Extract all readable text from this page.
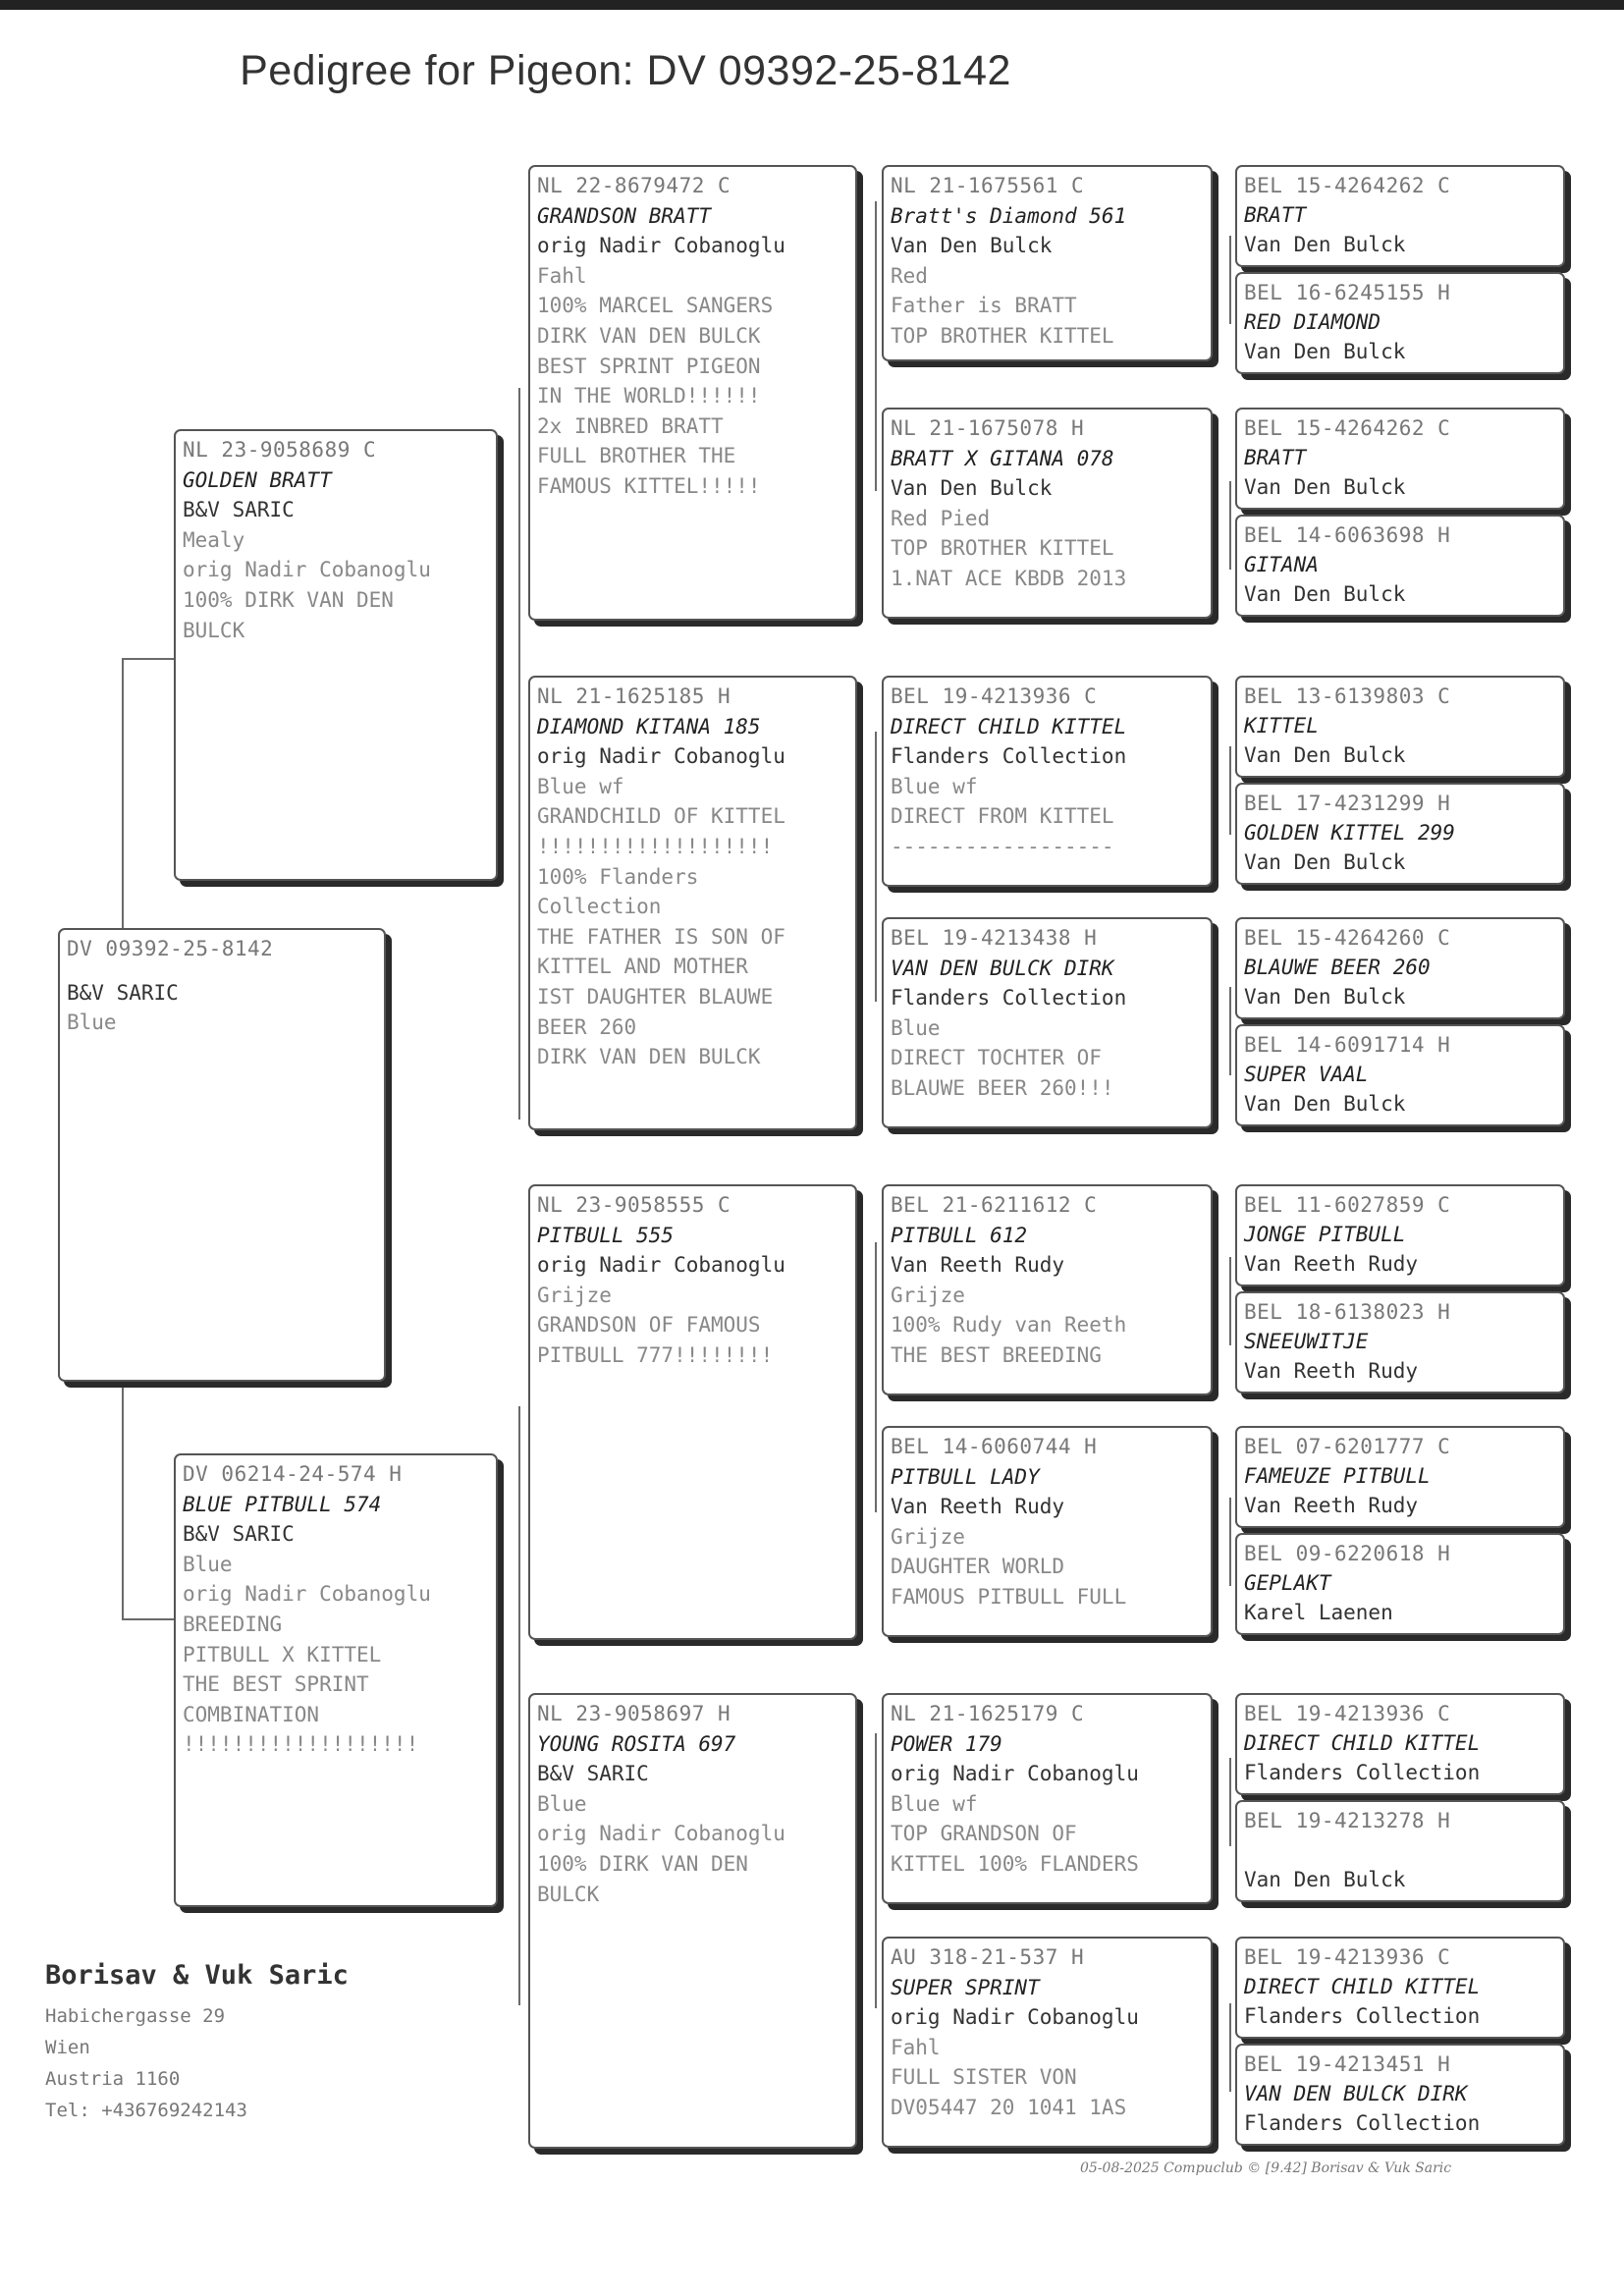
Pedigree for Pigeon: DV 09392-25-8142
DV 09392-25-8142
B&V SARIC
Blue
NL 23-9058689 C
GOLDEN BRATT
B&V SARIC
Mealy
orig Nadir Cobanoglu
100% DIRK VAN DEN
BULCK
DV 06214-24-574 H
BLUE PITBULL 574
B&V SARIC
Blue
orig Nadir Cobanoglu
BREEDING
PITBULL X KITTEL
THE BEST SPRINT
COMBINATION
!!!!!!!!!!!!!!!!!!!
NL 22-8679472 C
GRANDSON BRATT
orig Nadir Cobanoglu
Fahl
100% MARCEL SANGERS
DIRK VAN DEN BULCK
BEST SPRINT PIGEON
IN THE WORLD!!!!!!
2x INBRED BRATT
FULL BROTHER THE
FAMOUS KITTEL!!!!!
NL 21-1625185 H
DIAMOND KITANA 185
orig Nadir Cobanoglu
Blue wf
GRANDCHILD OF KITTEL
!!!!!!!!!!!!!!!!!!!
100% Flanders
Collection
THE FATHER IS SON OF
KITTEL AND MOTHER
IST DAUGHTER BLAUWE
BEER 260
DIRK VAN DEN BULCK
NL 23-9058555 C
PITBULL 555
orig Nadir Cobanoglu
Grijze
GRANDSON OF FAMOUS
PITBULL 777!!!!!!!!
NL 23-9058697 H
YOUNG ROSITA 697
B&V SARIC
Blue
orig Nadir Cobanoglu
100% DIRK VAN DEN
BULCK
NL 21-1675561 C
Bratt's Diamond 561
Van Den Bulck
Red
Father is BRATT
TOP BROTHER KITTEL
NL 21-1675078 H
BRATT X GITANA 078
Van Den Bulck
Red Pied
TOP BROTHER KITTEL
1.NAT ACE KBDB 2013
BEL 19-4213936 C
DIRECT CHILD KITTEL
Flanders Collection
Blue wf
DIRECT FROM KITTEL
------------------
BEL 19-4213438 H
VAN DEN BULCK DIRK
Flanders Collection
Blue
DIRECT TOCHTER OF
BLAUWE BEER 260!!!
BEL 21-6211612 C
PITBULL 612
Van Reeth Rudy
Grijze
100% Rudy van Reeth
THE BEST BREEDING
BEL 14-6060744 H
PITBULL LADY
Van Reeth Rudy
Grijze
DAUGHTER WORLD
FAMOUS PITBULL FULL
NL 21-1625179 C
POWER 179
orig Nadir Cobanoglu
Blue wf
TOP GRANDSON OF
KITTEL 100% FLANDERS
AU 318-21-537 H
SUPER SPRINT
orig Nadir Cobanoglu
Fahl
FULL SISTER VON
DV05447 20 1041 1AS
BEL 15-4264262 C
BRATT
Van Den Bulck
BEL 16-6245155 H
RED DIAMOND
Van Den Bulck
BEL 15-4264262 C
BRATT
Van Den Bulck
BEL 14-6063698 H
GITANA
Van Den Bulck
BEL 13-6139803 C
KITTEL
Van Den Bulck
BEL 17-4231299 H
GOLDEN KITTEL 299
Van Den Bulck
BEL 15-4264260 C
BLAUWE BEER 260
Van Den Bulck
BEL 14-6091714 H
SUPER VAAL
Van Den Bulck
BEL 11-6027859 C
JONGE PITBULL
Van Reeth Rudy
BEL 18-6138023 H
SNEEUWITJE
Van Reeth Rudy
BEL 07-6201777 C
FAMEUZE PITBULL
Van Reeth Rudy
BEL 09-6220618 H
GEPLAKT
Karel Laenen
BEL 19-4213936 C
DIRECT CHILD KITTEL
Flanders Collection
BEL 19-4213278 H
Van Den Bulck
BEL 19-4213936 C
DIRECT CHILD KITTEL
Flanders Collection
BEL 19-4213451 H
VAN DEN BULCK DIRK
Flanders Collection
Borisav & Vuk Saric
Habichergasse 29
Wien
Austria 1160
Tel: +436769242143
05-08-2025 Compuclub © [9.42] Borisav & Vuk Saric
